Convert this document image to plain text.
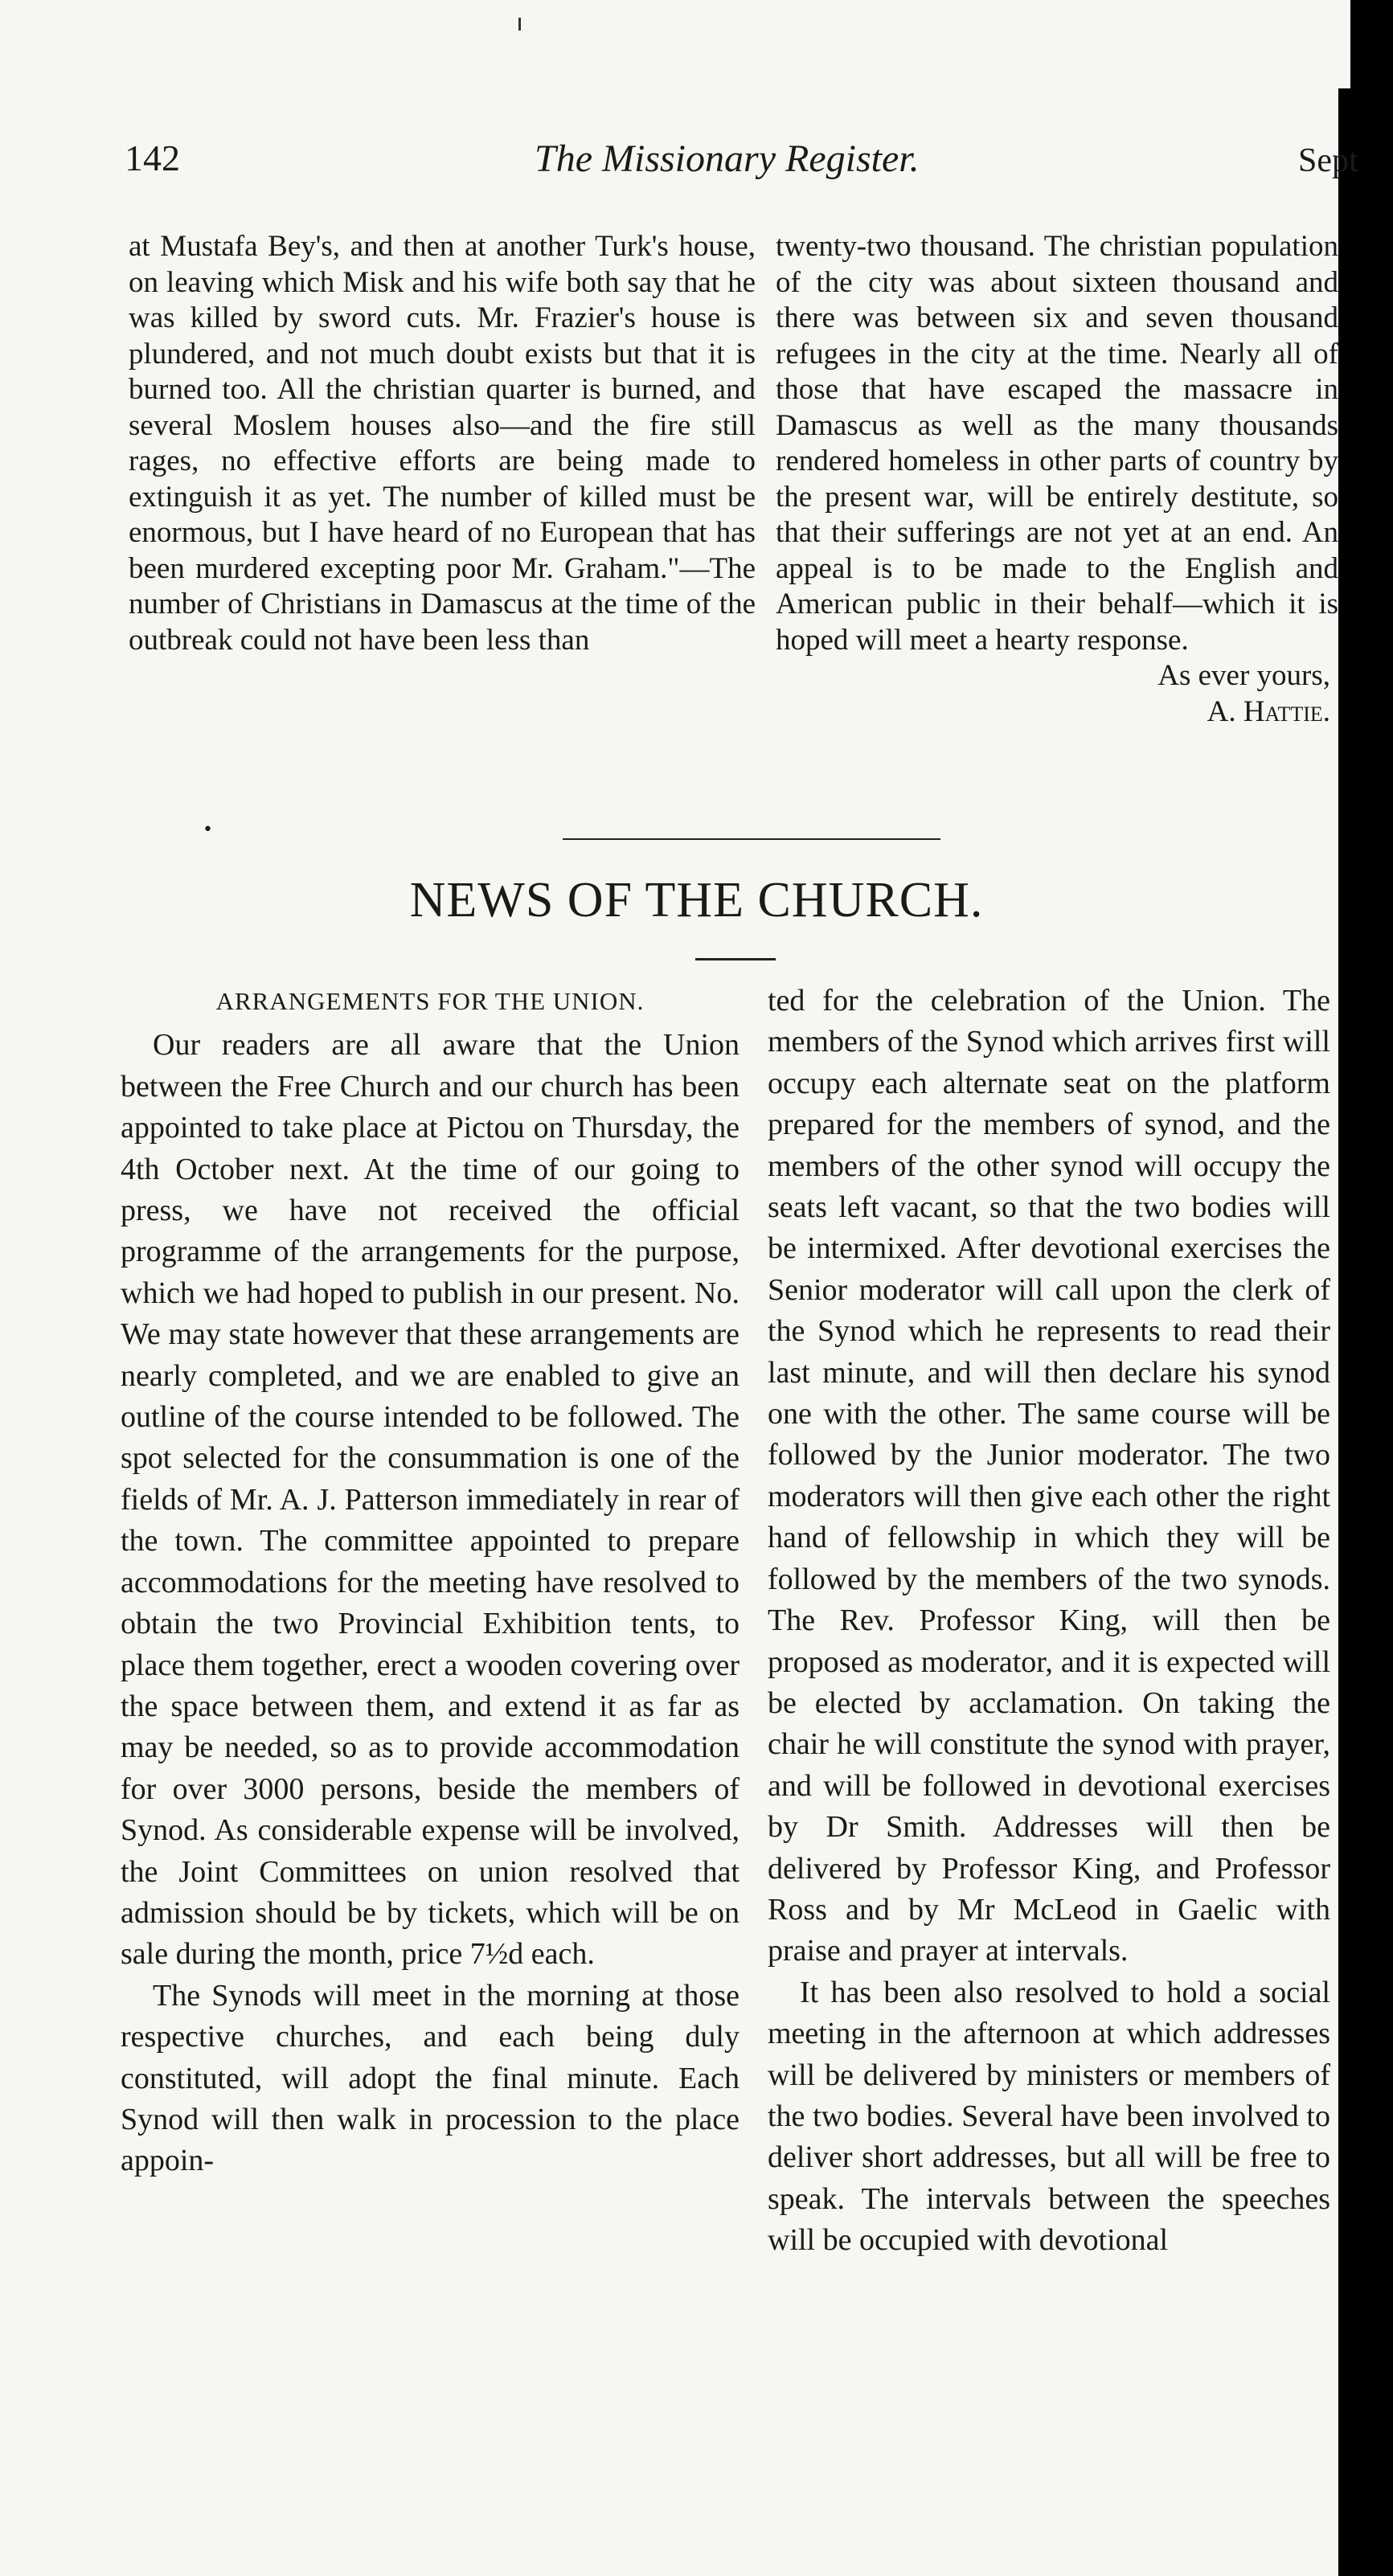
142	The Missionary Register.	Sept

at Mustafa Bey's, and then at another Turk's house, on leaving which Misk and his wife both say that he was killed by sword cuts. Mr. Frazier's house is plundered, and not much doubt exists but that it is burned too. All the christian quarter is burned, and several Moslem houses also—and the fire still rages, no effective efforts are being made to extinguish it as yet. The number of killed must be enormous, but I have heard of no European that has been murdered excepting poor Mr. Graham."—The number of Christians in Damascus at the time of the outbreak could not have been less than

twenty-two thousand. The christian population of the city was about sixteen thousand and there was between six and seven thousand refugees in the city at the time. Nearly all of those that have escaped the massacre in Damascus as well as the many thousands rendered homeless in other parts of country by the present war, will be entirely destitute, so that their sufferings are not yet at an end. An appeal is to be made to the English and American public in their behalf—which it is hoped will meet a hearty response.

As ever yours,

A. Hattie.

•
NEWS OF THE CHURCH.

ARRANGEMENTS FOR THE UNION.

Our readers are all aware that the Union between the Free Church and our church has been appointed to take place at Pictou on Thursday, the 4th October next. At the time of our going to press, we have not received the official programme of the arrangements for the purpose, which we had hoped to publish in our present. No. We may state however that these arrangements are nearly completed, and we are enabled to give an outline of the course intended to be followed. The spot selected for the consummation is one of the fields of Mr. A. J. Patterson immediately in rear of the town. The committee appointed to prepare accommodations for the meeting have resolved to obtain the two Provincial Exhibition tents, to place them together, erect a wooden covering over the space between them, and extend it as far as may be needed, so as to provide accommodation for over 3000 persons, beside the members of Synod. As considerable expense will be involved, the Joint Committees on union resolved that admission should be by tickets, which will be on sale during the month, price 7½d each.

The Synods will meet in the morning at those respective churches, and each being duly constituted, will adopt the final minute. Each Synod will then walk in procession to the place appoin-

ted for the celebration of the Union. The members of the Synod which arrives first will occupy each alternate seat on the platform prepared for the members of synod, and the members of the other synod will occupy the seats left vacant, so that the two bodies will be intermixed. After devotional exercises the Senior moderator will call upon the clerk of the Synod which he represents to read their last minute, and will then declare his synod one with the other. The same course will be followed by the Junior moderator. The two moderators will then give each other the right hand of fellowship in which they will be followed by the members of the two synods. The Rev. Professor King, will then be proposed as moderator, and it is expected will be elected by acclamation. On taking the chair he will constitute the synod with prayer, and will be followed in devotional exercises by Dr Smith. Addresses will then be delivered by Professor King, and Professor Ross and by Mr McLeod in Gaelic with praise and prayer at intervals.

It has been also resolved to hold a social meeting in the afternoon at which addresses will be delivered by ministers or members of the two bodies. Several have been involved to deliver short addresses, but all will be free to speak. The intervals between the speeches will be occupied with devotional
